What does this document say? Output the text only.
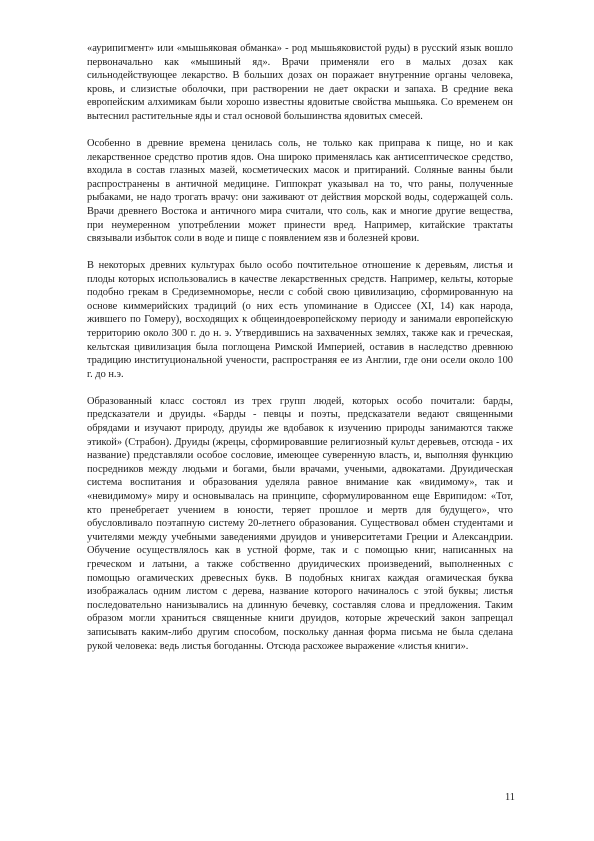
«аурипигмент» или «мышьяковая обманка» - род мышьяковистой руды) в русский язык вошло первоначально как «мышиный яд». Врачи применяли его в малых дозах как сильнодействующее лекарство. В больших дозах он поражает внутренние органы человека, кровь, и слизистые оболочки, при растворении не дает окраски и запаха. В средние века европейским алхимикам были хорошо известны ядовитые свойства мышьяка. Со временем он вытеснил растительные яды и стал основой большинства ядовитых смесей.

Особенно в древние времена ценилась соль, не только как приправа к пище, но и как лекарственное средство против ядов. Она широко применялась как антисептическое средство, входила в состав глазных мазей, косметических масок и притираний. Соляные ванны были распространены в античной медицине. Гиппократ указывал на то, что раны, полученные рыбаками, не надо трогать врачу: они заживают от действия морской воды, содержащей соль. Врачи древнего Востока и античного мира считали, что соль, как и многие другие вещества, при неумеренном употреблении может принести вред. Например, китайские трактаты связывали избыток соли в воде и пище с появлением язв и болезней крови.

В некоторых древних культурах было особо почтительное отношение к деревьям, листья и плоды которых использовались в качестве лекарственных средств. Например, кельты, которые подобно грекам в Средиземноморье, несли с собой свою цивилизацию, сформированную на основе киммерийских традиций (о них есть упоминание в Одиссее (XI, 14) как народа, жившего по Гомеру), восходящих к общеиндоевропейскому периоду и занимали европейскую территорию около 300 г. до н. э. Утвердившись на захваченных землях, также как и греческая, кельтская цивилизация была поглощена Римской Империей, оставив в наследство древнюю традицию институциональной учености, распространяя ее из Англии, где они осели около 100 г. до н.э.

Образованный класс состоял из трех групп людей, которых особо почитали: барды, предсказатели и друиды. «Барды - певцы и поэты, предсказатели ведают священными обрядами и изучают природу, друиды же вдобавок к изучению природы занимаются также этикой» (Страбон). Друиды (жрецы, сформировавшие религиозный культ деревьев, отсюда - их название) представляли особое сословие, имеющее суверенную власть, и, выполняя функцию посредников между людьми и богами, были врачами, учеными, адвокатами. Друидическая система воспитания и образования уделяла равное внимание как «видимому», так и «невидимому» миру и основывалась на принципе, сформулированном еще Еврипидом: «Тот, кто пренебрегает учением в юности, теряет прошлое и мертв для будущего», что обусловливало поэтапную систему 20-летнего образования. Существовал обмен студентами и учителями между учебными заведениями друидов и университетами Греции и Александрии. Обучение осуществлялось как в устной форме, так и с помощью книг, написанных на греческом и латыни, а также собственно друидических произведений, выполненных с помощью огамических древесных букв. В подобных книгах каждая огамическая буква изображалась одним листом с дерева, название которого начиналось с этой буквы; листья последовательно нанизывались на длинную бечевку, составляя слова и предложения. Таким образом могли храниться священные книги друидов, которые жреческий закон запрещал записывать каким-либо другим способом, поскольку данная форма письма не была сделана рукой человека: ведь листья богоданны. Отсюда расхожее выражение «листья книги».

11
